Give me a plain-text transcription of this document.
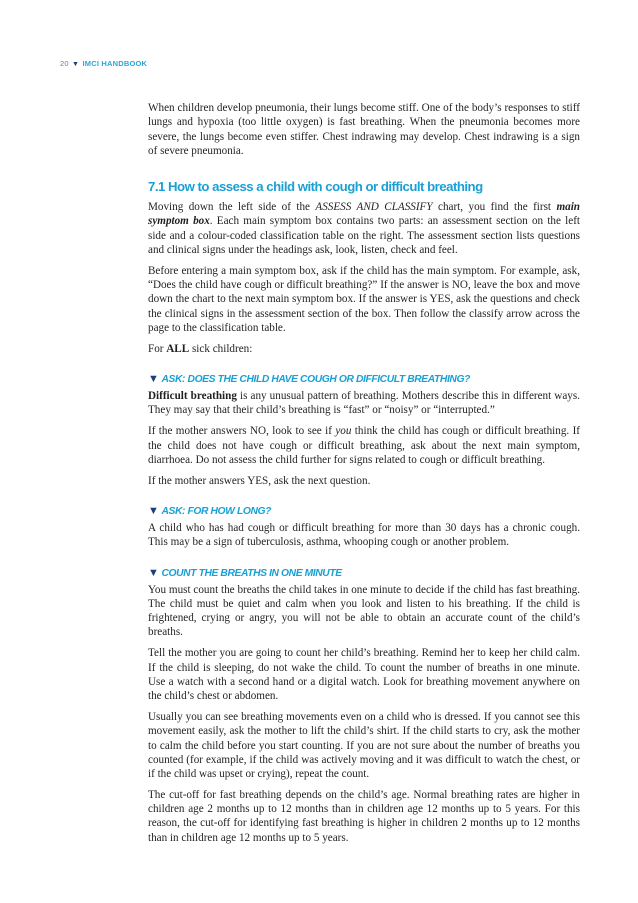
20 ▼ IMCI HANDBOOK

When children develop pneumonia, their lungs become stiff. One of the body’s responses to stiff lungs and hypoxia (too little oxygen) is fast breathing. When the pneumonia becomes more severe, the lungs become even stiffer. Chest indrawing may develop. Chest indrawing is a sign of severe pneumonia.

7.1 How to assess a child with cough or difficult breathing

Moving down the left side of the ASSESS AND CLASSIFY chart, you find the first main symptom box. Each main symptom box contains two parts: an assessment section on the left side and a colour-coded classification table on the right. The assessment section lists questions and clinical signs under the headings ask, look, listen, check and feel.

Before entering a main symptom box, ask if the child has the main symptom. For example, ask, “Does the child have cough or difficult breathing?” If the answer is NO, leave the box and move down the chart to the next main symptom box. If the answer is YES, ask the questions and check the clinical signs in the assessment section of the box. Then follow the classify arrow across the page to the classification table.

For ALL sick children:

▼ ASK: DOES THE CHILD HAVE COUGH OR DIFFICULT BREATHING?

Difficult breathing is any unusual pattern of breathing. Mothers describe this in different ways. They may say that their child’s breathing is “fast” or “noisy” or “interrupted.”

If the mother answers NO, look to see if you think the child has cough or difficult breathing. If the child does not have cough or difficult breathing, ask about the next main symptom, diarrhoea. Do not assess the child further for signs related to cough or difficult breathing.

If the mother answers YES, ask the next question.

▼ ASK: FOR HOW LONG?

A child who has had cough or difficult breathing for more than 30 days has a chronic cough. This may be a sign of tuberculosis, asthma, whooping cough or another problem.

▼ COUNT THE BREATHS IN ONE MINUTE

You must count the breaths the child takes in one minute to decide if the child has fast breathing. The child must be quiet and calm when you look and listen to his breathing. If the child is frightened, crying or angry, you will not be able to obtain an accurate count of the child’s breaths.

Tell the mother you are going to count her child’s breathing. Remind her to keep her child calm. If the child is sleeping, do not wake the child. To count the number of breaths in one minute. Use a watch with a second hand or a digital watch. Look for breathing movement anywhere on the child’s chest or abdomen.

Usually you can see breathing movements even on a child who is dressed. If you cannot see this movement easily, ask the mother to lift the child’s shirt. If the child starts to cry, ask the mother to calm the child before you start counting. If you are not sure about the number of breaths you counted (for example, if the child was actively moving and it was difficult to watch the chest, or if the child was upset or crying), repeat the count.

The cut-off for fast breathing depends on the child’s age. Normal breathing rates are higher in children age 2 months up to 12 months than in children age 12 months up to 5 years. For this reason, the cut-off for identifying fast breathing is higher in children 2 months up to 12 months than in children age 12 months up to 5 years.
